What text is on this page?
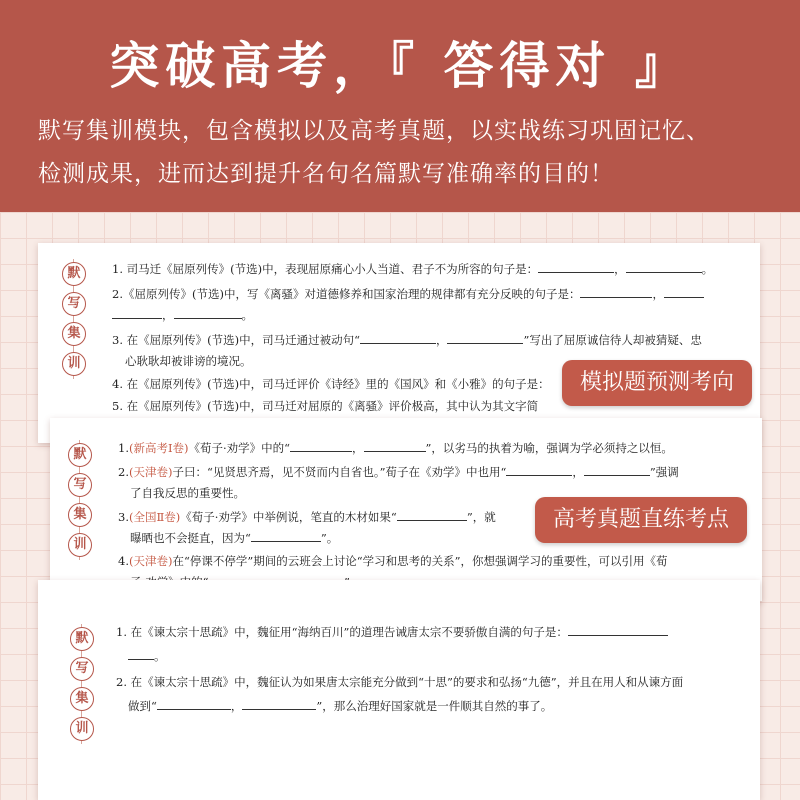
突破高考，『 答得对 』
默写集训模块，包含模拟以及高考真题，以实战练习巩固记忆、
检测成果，进而达到提升名句名篇默写准确率的目的！
默
写
集
训
1. 司马迁《屈原列传》(节选)中，表现屈原痛心小人当道、君子不为所容的句子是：	，	。
2.《屈原列传》(节选)中，写《离骚》对道德修养和国家治理的规律都有充分反映的句子是：	，
，	。
3. 在《屈原列传》(节选)中，司马迁通过被动句“	，	”写出了屈原诚信待人却被猜疑、忠
心耿耿却被诽谤的境况。
4. 在《屈原列传》(节选)中，司马迁评价《诗经》里的《国风》和《小雅》的句子是：
5. 在《屈原列传》(节选)中，司马迁对屈原的《离骚》评价极高，其中认为其文字简
默
写
集
训
1.(新高考Ⅰ卷)《荀子·劝学》中的“	，	”，以劣马的执着为喻，强调为学必须持之以恒。
2.(天津卷)子曰：“见贤思齐焉，见不贤而内自省也。”荀子在《劝学》中也用“	，	”强调
了自我反思的重要性。
3.(全国Ⅱ卷)《荀子·劝学》中举例说，笔直的木材如果“	”，就
曝晒也不会挺直，因为“	”。
4.(天津卷)在“停课不停学”期间的云班会上讨论“学习和思考的关系”，你想强调学习的重要性，可以引用《荀
默
写
集
训
1. 在《谏太宗十思疏》中，魏征用“海纳百川”的道理告诫唐太宗不要骄傲自满的句子是：
。
2. 在《谏太宗十思疏》中，魏征认为如果唐太宗能充分做到“十思”的要求和弘扬“九德”，并且在用人和从谏方面
做到“	，	”，那么治理好国家就是一件顺其自然的事了。
模拟题预测考向
高考真题直练考点
